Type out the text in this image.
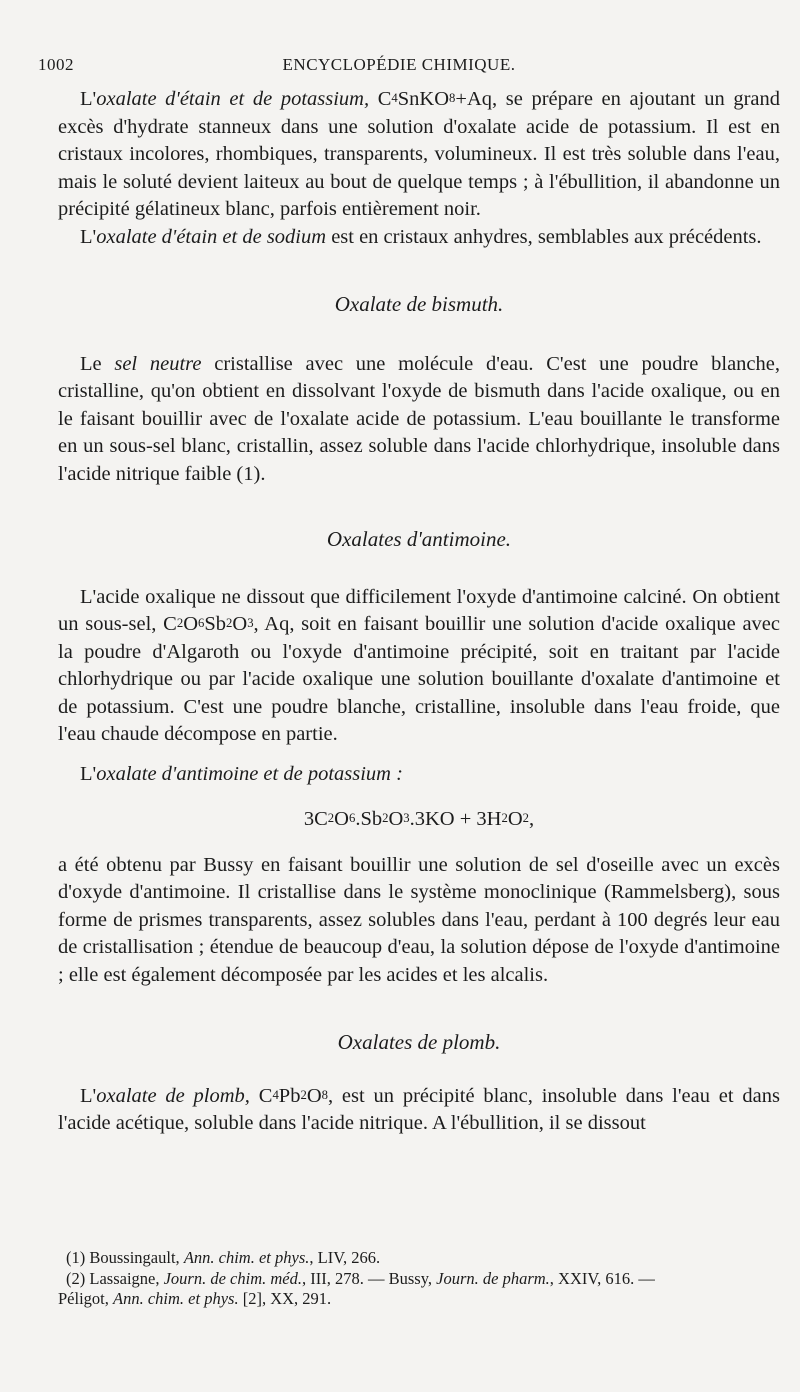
1002	ENCYCLOPÉDIE CHIMIQUE.

L'oxalate d'étain et de potassium, $C^4SnKO^8+Aq$, se prépare en ajoutant un grand excès d'hydrate stanneux dans une solution d'oxalate acide de potassium. Il est en cristaux incolores, rhombiques, transparents, volumineux. Il est très soluble dans l'eau, mais le soluté devient laiteux au bout de quelque temps ; à l'ébullition, il abandonne un précipité gélatineux blanc, parfois entièrement noir.

L'oxalate d'étain et de sodium est en cristaux anhydres, semblables aux précédents.

Oxalate de bismuth.

Le sel neutre cristallise avec une molécule d'eau. C'est une poudre blanche, cristalline, qu'on obtient en dissolvant l'oxyde de bismuth dans l'acide oxalique, ou en le faisant bouillir avec de l'oxalate acide de potassium. L'eau bouillante le transforme en un sous-sel blanc, cristallin, assez soluble dans l'acide chlorhydrique, insoluble dans l'acide nitrique faible (1).

Oxalates d'antimoine.

L'acide oxalique ne dissout que difficilement l'oxyde d'antimoine calciné. On obtient un sous-sel, $C^2O^6Sb^2O^3$, Aq, soit en faisant bouillir une solution d'acide oxalique avec la poudre d'Algaroth ou l'oxyde d'antimoine précipité, soit en traitant par l'acide chlorhydrique ou par l'acide oxalique une solution bouillante d'oxalate d'antimoine et de potassium. C'est une poudre blanche, cristalline, insoluble dans l'eau froide, que l'eau chaude décompose en partie.

L'oxalate d'antimoine et de potassium :

$3C^2O^6.Sb^2O^3.3KO + 3H^2O^2$,

a été obtenu par Bussy en faisant bouillir une solution de sel d'oseille avec un excès d'oxyde d'antimoine. Il cristallise dans le système monoclinique (Rammelsberg), sous forme de prismes transparents, assez solubles dans l'eau, perdant à 100 degrés leur eau de cristallisation ; étendue de beaucoup d'eau, la solution dépose de l'oxyde d'antimoine ; elle est également décomposée par les acides et les alcalis.

Oxalates de plomb.

L'oxalate de plomb, $C^4Pb^2O^8$, est un précipité blanc, insoluble dans l'eau et dans l'acide acétique, soluble dans l'acide nitrique. A l'ébullition, il se dissout

(1) Boussingault, Ann. chim. et phys., LIV, 266.

(2) Lassaigne, Journ. de chim. méd., III, 278. — Bussy, Journ. de pharm., XXIV, 616. —

Péligot, Ann. chim. et phys. [2], XX, 291.
